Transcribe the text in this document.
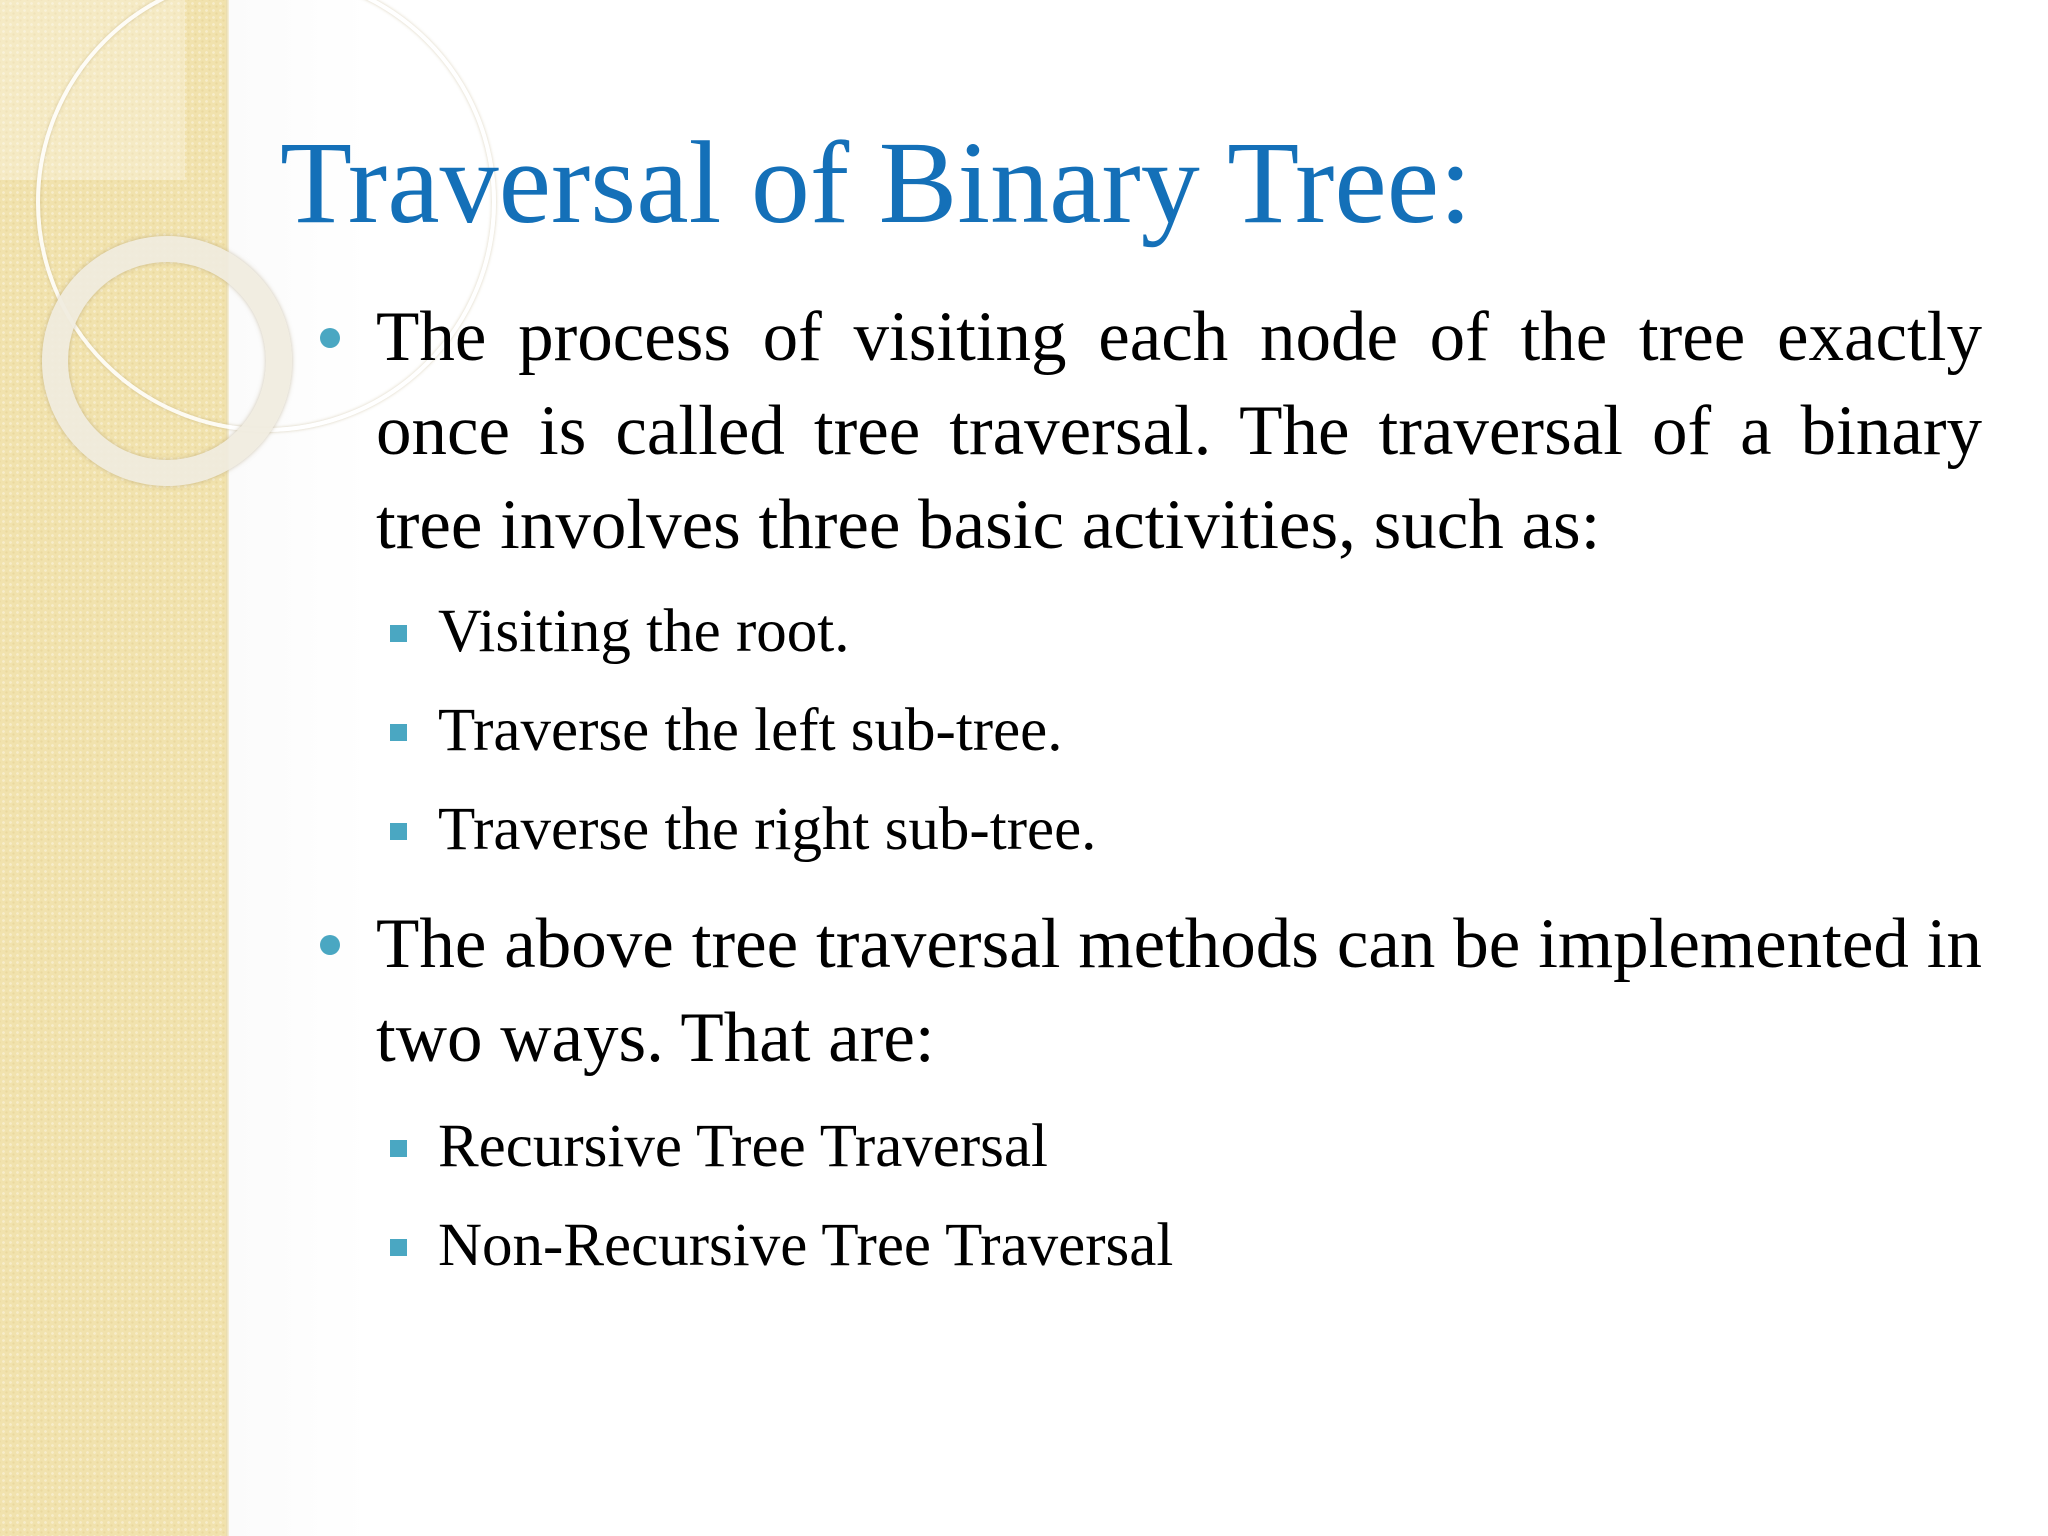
Traversal of Binary Tree:
The process of visiting each node of the tree exactly once is called tree traversal. The traversal of a binary tree involves three basic activities, such as:
Visiting the root.
Traverse the left sub-tree.
Traverse the right sub-tree.
The above tree traversal methods can be implemented in two ways. That are:
Recursive Tree Traversal
Non-Recursive Tree Traversal
